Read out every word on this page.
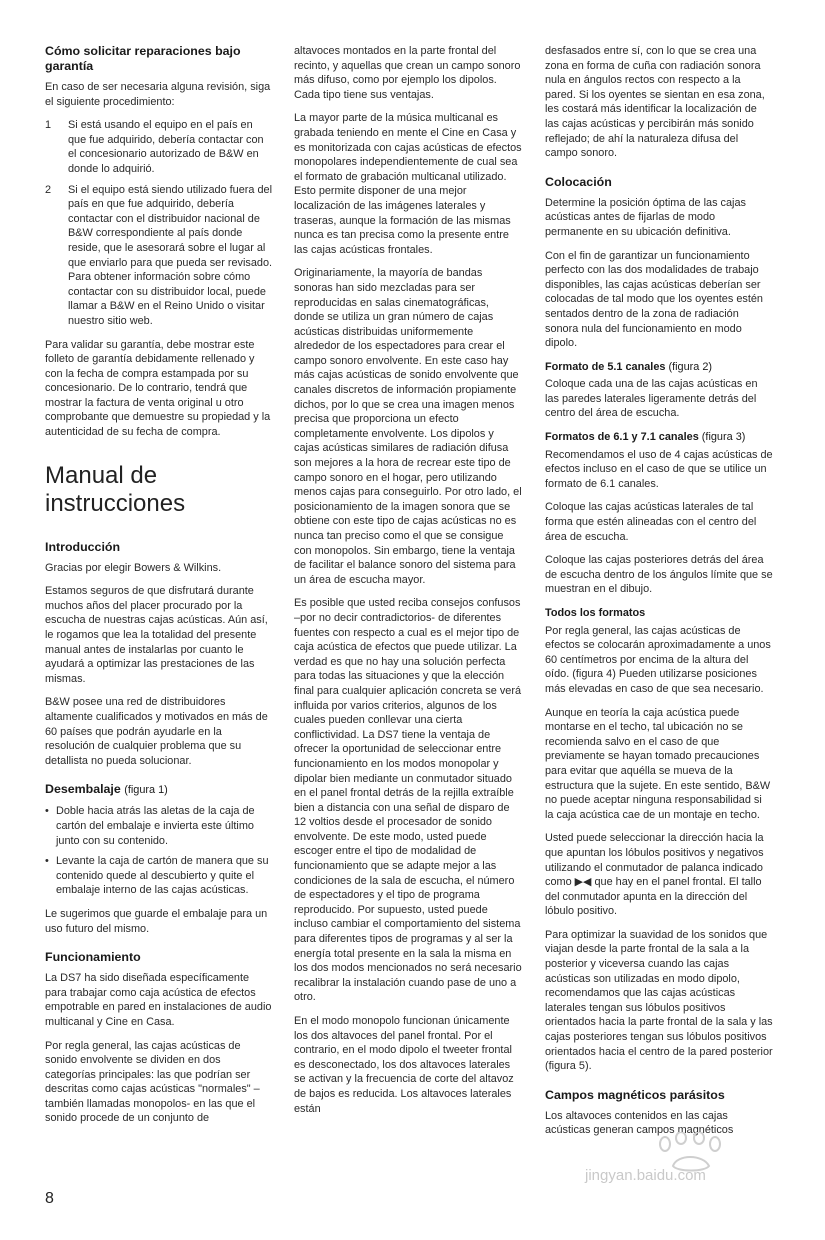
Cómo solicitar reparaciones bajo garantía

En caso de ser necesaria alguna revisión, siga el siguiente procedimiento:

1 Si está usando el equipo en el país en que fue adquirido, debería contactar con el concesionario autorizado de B&W en donde lo adquirió.
2 Si el equipo está siendo utilizado fuera del país en que fue adquirido, debería contactar con el distribuidor nacional de B&W correspondiente al país donde reside, que le asesorará sobre el lugar al que enviarlo para que pueda ser revisado. Para obtener información sobre cómo contactar con su distribuidor local, puede llamar a B&W en el Reino Unido o visitar nuestro sitio web.

Para validar su garantía, debe mostrar este folleto de garantía debidamente rellenado y con la fecha de compra estampada por su concesionario. De lo contrario, tendrá que mostrar la factura de venta original u otro comprobante que demuestre su propiedad y la autenticidad de su fecha de compra.

Manual de instrucciones
Introducción

Gracias por elegir Bowers & Wilkins.

Estamos seguros de que disfrutará durante muchos años del placer procurado por la escucha de nuestras cajas acústicas. Aún así, le rogamos que lea la totalidad del presente manual antes de instalarlas por cuanto le ayudará a optimizar las prestaciones de las mismas.

B&W posee una red de distribuidores altamente cualificados y motivados en más de 60 países que podrán ayudarle en la resolución de cualquier problema que su detallista no pueda solucionar.

Desembalaje (figura 1)
• Doble hacia atrás las aletas de la caja de cartón del embalaje e invierta este último junto con su contenido.
• Levante la caja de cartón de manera que su contenido quede al descubierto y quite el embalaje interno de las cajas acústicas.

Le sugerimos que guarde el embalaje para un uso futuro del mismo.

Funcionamiento

La DS7 ha sido diseñada específicamente para trabajar como caja acústica de efectos empotrable en pared en instalaciones de audio multicanal y Cine en Casa.

Por regla general, las cajas acústicas de sonido envolvente se dividen en dos categorías principales: las que podrían ser descritas como cajas acústicas "normales" –también llamadas monopolos- en las que el sonido procede de un conjunto de

altavoces montados en la parte frontal del recinto, y aquellas que crean un campo sonoro más difuso, como por ejemplo los dipolos. Cada tipo tiene sus ventajas.

La mayor parte de la música multicanal es grabada teniendo en mente el Cine en Casa y es monitorizada con cajas acústicas de efectos monopolares independientemente de cual sea el formato de grabación multicanal utilizado. Esto permite disponer de una mejor localización de las imágenes laterales y traseras, aunque la formación de las mismas nunca es tan precisa como la presente entre las cajas acústicas frontales.

Originariamente, la mayoría de bandas sonoras han sido mezcladas para ser reproducidas en salas cinematográficas, donde se utiliza un gran número de cajas acústicas distribuidas uniformemente alrededor de los espectadores para crear el campo sonoro envolvente. En este caso hay más cajas acústicas de sonido envolvente que canales discretos de información propiamente dichos, por lo que se crea una imagen menos precisa que proporciona un efecto completamente envolvente. Los dipolos y cajas acústicas similares de radiación difusa son mejores a la hora de recrear este tipo de campo sonoro en el hogar, pero utilizando menos cajas para conseguirlo. Por otro lado, el posicionamiento de la imagen sonora que se obtiene con este tipo de cajas acústicas no es nunca tan preciso como el que se consigue con monopolos. Sin embargo, tiene la ventaja de facilitar el balance sonoro del sistema para un área de escucha mayor.

Es posible que usted reciba consejos confusos –por no decir contradictorios- de diferentes fuentes con respecto a cual es el mejor tipo de caja acústica de efectos que puede utilizar. La verdad es que no hay una solución perfecta para todas las situaciones y que la elección final para cualquier aplicación concreta se verá influida por varios criterios, algunos de los cuales pueden conllevar una cierta conflictividad. La DS7 tiene la ventaja de ofrecer la oportunidad de seleccionar entre funcionamiento en los modos monopolar y dipolar bien mediante un conmutador situado en el panel frontal detrás de la rejilla extraíble bien a distancia con una señal de disparo de 12 voltios desde el procesador de sonido envolvente. De este modo, usted puede escoger entre el tipo de modalidad de funcionamiento que se adapte mejor a las condiciones de la sala de escucha, el número de espectadores y el tipo de programa reproducido. Por supuesto, usted puede incluso cambiar el comportamiento del sistema para diferentes tipos de programas y al ser la energía total presente en la sala la misma en los dos modos mencionados no será necesario recalibrar la instalación cuando pase de uno a otro.

En el modo monopolo funcionan únicamente los dos altavoces del panel frontal. Por el contrario, en el modo dipolo el tweeter frontal es desconectado, los dos altavoces laterales se activan y la frecuencia de corte del altavoz de bajos es reducida. Los altavoces laterales están

desfasados entre sí, con lo que se crea una zona en forma de cuña con radiación sonora nula en ángulos rectos con respecto a la pared. Si los oyentes se sientan en esa zona, les costará más identificar la localización de las cajas acústicas y percibirán más sonido reflejado; de ahí la naturaleza difusa del campo sonoro.

Colocación

Determine la posición óptima de las cajas acústicas antes de fijarlas de modo permanente en su ubicación definitiva.

Con el fin de garantizar un funcionamiento perfecto con las dos modalidades de trabajo disponibles, las cajas acústicas deberían ser colocadas de tal modo que los oyentes estén sentados dentro de la zona de radiación sonora nula del funcionamiento en modo dipolo.

Formato de 5.1 canales (figura 2)

Coloque cada una de las cajas acústicas en las paredes laterales ligeramente detrás del centro del área de escucha.

Formatos de 6.1 y 7.1 canales (figura 3)

Recomendamos el uso de 4 cajas acústicas de efectos incluso en el caso de que se utilice un formato de 6.1 canales.

Coloque las cajas acústicas laterales de tal forma que estén alineadas con el centro del área de escucha.

Coloque las cajas posteriores detrás del área de escucha dentro de los ángulos límite que se muestran en el dibujo.

Todos los formatos

Por regla general, las cajas acústicas de efectos se colocarán aproximadamente a unos 60 centímetros por encima de la altura del oído. (figura 4) Pueden utilizarse posiciones más elevadas en caso de que sea necesario.

Aunque en teoría la caja acústica puede montarse en el techo, tal ubicación no se recomienda salvo en el caso de que previamente se hayan tomado precauciones para evitar que aquélla se mueva de la estructura que la sujete. En este sentido, B&W no puede aceptar ninguna responsabilidad si la caja acústica cae de un montaje en techo.

Usted puede seleccionar la dirección hacia la que apuntan los lóbulos positivos y negativos utilizando el conmutador de palanca indicado como ▶◀ que hay en el panel frontal. El tallo del conmutador apunta en la dirección del lóbulo positivo.

Para optimizar la suavidad de los sonidos que viajan desde la parte frontal de la sala a la posterior y viceversa cuando las cajas acústicas son utilizadas en modo dipolo, recomendamos que las cajas acústicas laterales tengan sus lóbulos positivos orientados hacia la parte frontal de la sala y las cajas posteriores tengan sus lóbulos positivos orientados hacia el centro de la pared posterior (figura 5).

Campos magnéticos parásitos

Los altavoces contenidos en las cajas acústicas generan campos magnéticos

8
jingyan.baidu.com
